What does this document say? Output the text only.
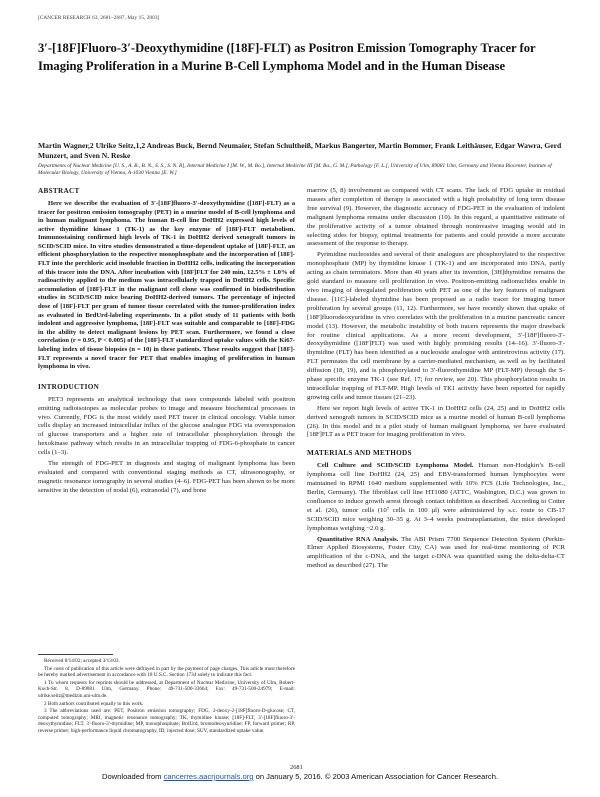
[CANCER RESEARCH 63, 2681–2687, May 15, 2003]
3′-[18F]Fluoro-3′-Deoxythymidine ([18F]-FLT) as Positron Emission Tomography Tracer for Imaging Proliferation in a Murine B-Cell Lymphoma Model and in the Human Disease
Martin Wagner,2 Ulrike Seitz,1,2 Andreas Buck, Bernd Neumaier, Stefan Schultheiß, Markus Bangerter, Martin Bommer, Frank Leithäuser, Edgar Wawra, Gerd Munzert, and Sven N. Reske
Departments of Nuclear Medicine [U. S., A. B., B. N., S. S., S. N. R], Internal Medicine I [M. W., M. Bo.], Internal Medicine III [M. Ba., G. M.], Pathology [F. L.], University of Ulm, 89081 Ulm, Germany and Vienna Biocenter, Institute of Molecular Biology, University of Vienna, A-1030 Vienna [E. W.]
ABSTRACT

Here we describe the evaluation of 3′-[18F]fluoro-3′-deoxythymidine ([18F]-FLT) as a tracer for positron emission tomography (PET) in a murine model of B-cell lymphoma and in human malignant lymphoma. The human B-cell line DoHH2 expressed high levels of active thymidine kinase 1 (TK-1) as the key enzyme of [18F]-FLT metabolism. Immunostaining confirmed high levels of TK-1 in DoHH2 derived xenograft tumors in SCID/SCID mice. In vitro studies demonstrated a time-dependent uptake of [18F]-FLT, an efficient phosphorylation to the respective monophosphate and the incorporation of [18F]-FLT into the perchloric acid insoluble fraction in DoHH2 cells, indicating the incorporation of this tracer into the DNA. After incubation with [18F]FLT for 240 min, 12.5% ± 1.0% of radioactivity applied to the medium was intracellularly trapped in DoHH2 cells. Specific accumulation of [18F]-FLT in the malignant cell clone was confirmed in biodistribution studies in SCID/SCID mice bearing DoHH2-derived tumors. The percentage of injected dose of [18F]-FLT per gram of tumor tissue correlated with the tumor-proliferation index as evaluated in BrdUrd-labeling experiments. In a pilot study of 11 patients with both indolent and aggressive lymphoma, [18F]-FLT was suitable and comparable to [18F]-FDG in the ability to detect malignant lesions by PET scan. Furthermore, we found a close correlation (r = 0.95, P < 0.005) of the [18F]-FLT standardized uptake values with the Ki67-labeling index of tissue biopsies (n = 10) in these patients. These results suggest that [18F]-FLT represents a novel tracer for PET that enables imaging of proliferation in human lymphoma in vivo.

INTRODUCTION

PET3 represents an analytical technology that uses compounds labeled with positron emitting radioisotopes as molecular probes to image and measure biochemical processes in vivo. Currently, FDG is the most widely used PET tracer in clinical oncology. Viable tumor cells display an increased intracellular influx of the glucose analogue FDG via overexpression of glucose transporters and a higher rate of intracellular phosphorylation through the hexokinase pathway which results in an intracellular trapping of FDG-6-phosphate in cancer cells (1–3).

The strength of FDG-PET in diagnosis and staging of malignant lymphoma has been evaluated and compared with conventional staging methods as CT, ultrasonography, or magnetic resonance tomography in several studies (4–6). FDG-PET has been shown to be more sensitive in the detection of nodal (6), extranodal (7), and bone

Received 8/14/02; accepted 3/13/03.

The costs of publication of this article were defrayed in part by the payment of page charges. This article must therefore be hereby marked advertisement in accordance with 18 U.S.C. Section 1734 solely to indicate this fact.

1 To whom requests for reprints should be addressed, at Department of Nuclear Medicine, University of Ulm, Robert-Koch-Str. 8, D-89081 Ulm, Germany. Phone: 49-731-500-33664; Fax: 49-731-500-24979; E-mail: ulrike.seitz@medizin.uni-ulm.de.

2 Both authors contributed equally to this work.

3 The abbreviations used are: PET, Positron emission tomography; FDG, 2-deoxy-2-[18F]fluoro-D-glucose; CT, computed tomography; MRI, magnetic resonance tomography; TK, thymidine kinase; [18F]-FLT, 3′-[18F]fluoro-3′-deoxythymidine; FLT, 3′-fluoro-3′-thymidine; MP, monophosphate; BrdUrd, bromodeoxyuridine; FP, forward primer; RP, reverse primer; high-performance liquid chromatography, ID, injected dose; SUV, standardized uptake value.

marrow (5, 8) involvement as compared with CT scans. The lack of FDG uptake in residual masses after completion of therapy is associated with a high probability of long term disease free survival (9). However, the diagnostic accuracy of FDG-PET in the evaluation of indolent malignant lymphoma remains under discussion (10). In this regard, a quantitative estimate of the proliferative activity of a tumor obtained through noninvasive imaging would aid in selecting sides for biopsy, optimal treatments for patients and could provide a more accurate assessment of the response to therapy.

Pyrimidine nucleosides and several of their analogues are phosphorylated to the respective monophosphate (MP) by thymidine kinase 1 (TK-1) and are incorporated into DNA, partly acting as chain terminators. More than 40 years after its invention, [3H]thymidine remains the gold standard to measure cell proliferation in vivo. Positron-emitting radionuclides enable in vivo imaging of deregulated proliferation with PET as one of the key features of malignant disease. [11C]-labeled thymidine has been proposed as a radio tracer for imaging tumor proliferation by several groups (11, 12). Furthermore, we have recently shown that uptake of [18F]fluorodeoxyuridine in vivo correlates with the proliferation in a murine pancreatic cancer model (13). However, the metabolic instability of both tracers represents the major drawback for routine clinical applications. As a more recent development, 3′-[18F]fluoro-3′-deoxythymidine ([18F]FLT) was used with highly promising results (14–16). 3′-fluoro-3′-thymidine (FLT) has been identified as a nucleoside analogue with antiretrovirus activity (17). FLT permeates the cell membrane by a carrier-mediated mechanism, as well as by facilitated diffusion (18, 19), and is phosphorylated to 3′-fluorothymidine MP (FLT-MP) through the S-phase specific enzyme TK-1 (see Ref. 17; for review, see 20). This phosphorylation results in intracellular trapping of FLT-MP. High levels of TK1 activity have been reported for rapidly growing cells and tumor tissues (21–23).

Here we report high levels of active TK-1 in DoHH2 cells (24, 25) and in DoHH2 cells derived xenograft tumors in SCID/SCID mice as a murine model of human B-cell lymphoma (26). In this model and in a pilot study of human malignant lymphoma, we have evaluated [18F]FLT as a PET tracer for imaging proliferation in vivo.

MATERIALS AND METHODS

Cell Culture and SCID/SCID Lymphoma Model. Human non-Hodgkin’s B-cell lymphoma cell line DoHH2 (24, 25) and EBV-transformed human lymphocytes were maintained in RPMI 1640 medium supplemented with 10% FCS (Life Technologies, Inc., Berlin, Germany). The fibroblast cell line HT1080 (ATTC, Washington, D.C.) was grown to confluence to induce growth arrest through contact inhibition as described. According to Cotter et al. (26), tumor cells (10⁷ cells in 100 µl) were administered by s.c. route to CB-17 SCID/SCID mice weighing 30–35 g. At 3–4 weeks postransplantation, the mice developed lymphomas weighing ~2.0 g.

Quantitative RNA Analysis. The ABI Prism 7700 Sequence Detection System (Perkin-Elmer Applied Biosystems, Foster City, CA) was used for real-time monitoring of PCR amplification of the c-DNA, and the target c-DNA was quantified using the delta-delta-CT method as described (27). The

2681
Downloaded from cancerres.aacrjournals.org on January 5, 2016. © 2003 American Association for Cancer Research.
